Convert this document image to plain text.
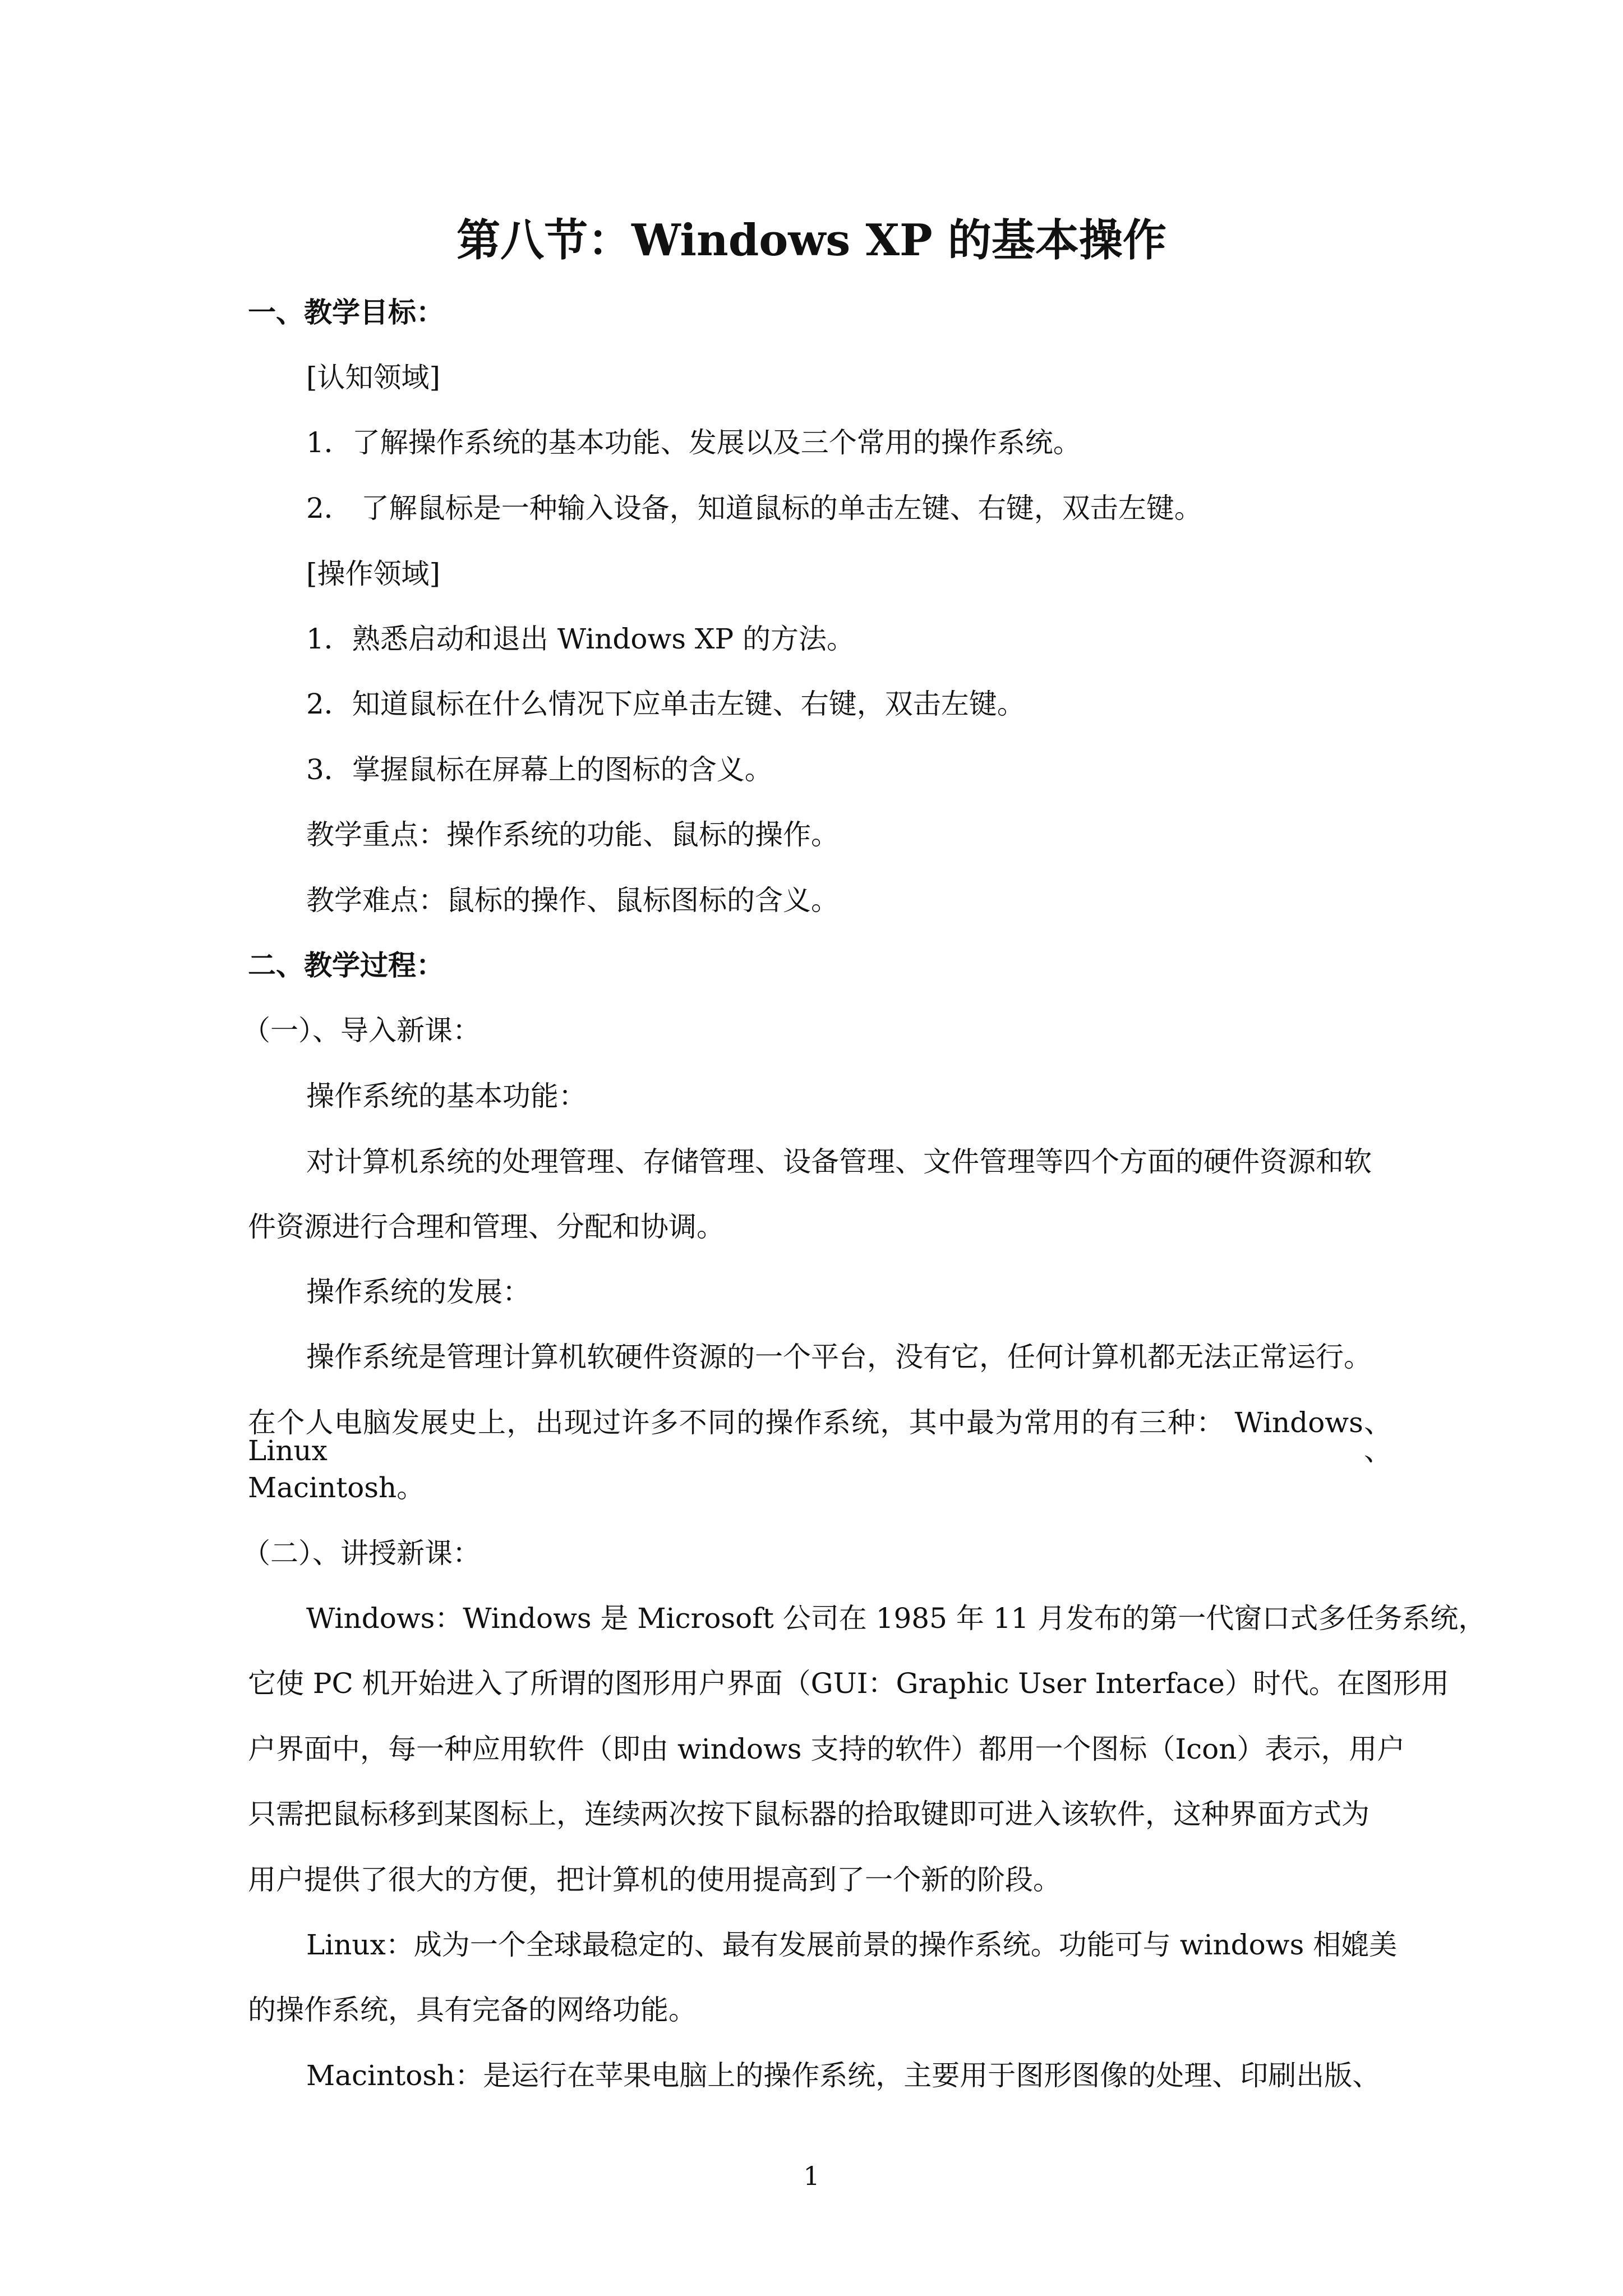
第八节：Windows XP 的基本操作
一、教学目标：
[认知领域]
1．了解操作系统的基本功能、发展以及三个常用的操作系统。
2． 了解鼠标是一种输入设备，知道鼠标的单击左键、右键，双击左键。
[操作领域]
1．熟悉启动和退出 Windows XP 的方法。
2．知道鼠标在什么情况下应单击左键、右键，双击左键。
3．掌握鼠标在屏幕上的图标的含义。
教学重点：操作系统的功能、鼠标的操作。
教学难点：鼠标的操作、鼠标图标的含义。
二、教学过程：
（一）、导入新课：
操作系统的基本功能：
对计算机系统的处理管理、存储管理、设备管理、文件管理等四个方面的硬件资源和软
件资源进行合理和管理、分配和协调。
操作系统的发展：
操作系统是管理计算机软硬件资源的一个平台，没有它，任何计算机都无法正常运行。
在个人电脑发展史上，出现过许多不同的操作系统，其中最为常用的有三种： Windows、Linux、
Macintosh。
（二）、讲授新课：
Windows：Windows 是 Microsoft 公司在 1985 年 11 月发布的第一代窗口式多任务系统，
它使 PC 机开始进入了所谓的图形用户界面（GUI：Graphic User Interface）时代。在图形用
户界面中，每一种应用软件（即由 windows 支持的软件）都用一个图标（Icon）表示，用户
只需把鼠标移到某图标上，连续两次按下鼠标器的拾取键即可进入该软件，这种界面方式为
用户提供了很大的方便，把计算机的使用提高到了一个新的阶段。
Linux：成为一个全球最稳定的、最有发展前景的操作系统。功能可与 windows 相媲美
的操作系统，具有完备的网络功能。
Macintosh：是运行在苹果电脑上的操作系统，主要用于图形图像的处理、印刷出版、
1
